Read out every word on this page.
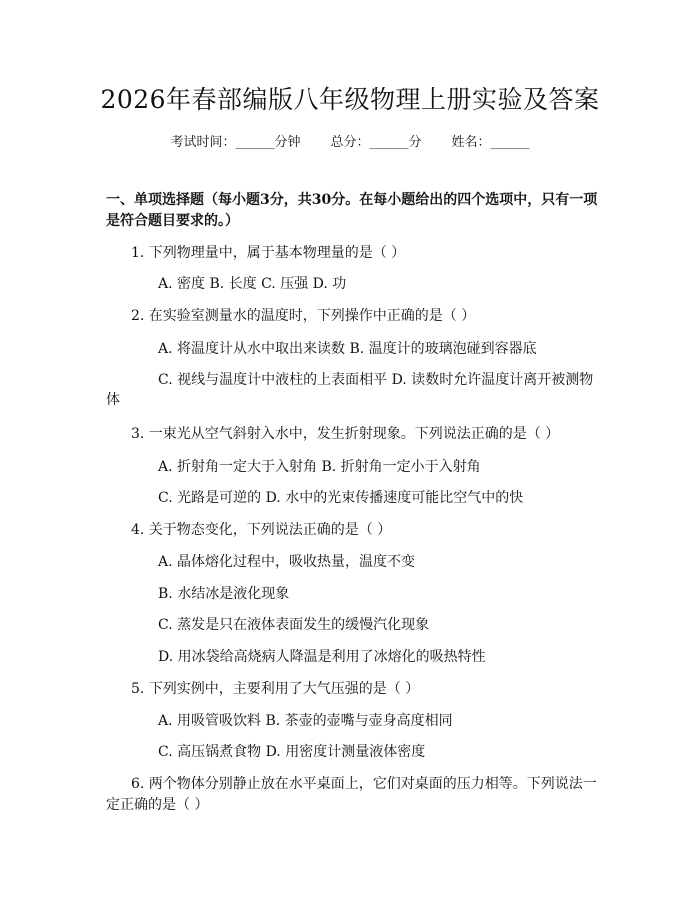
2026年春部编版八年级物理上册实验及答案
考试时间：______分钟 总分：______分 姓名：______
一、单项选择题（每小题3分，共30分。在每小题给出的四个选项中，只有一项是符合题目要求的。）
1. 下列物理量中，属于基本物理量的是（ ）
A. 密度 B. 长度 C. 压强 D. 功
2. 在实验室测量水的温度时，下列操作中正确的是（ ）
A. 将温度计从水中取出来读数 B. 温度计的玻璃泡碰到容器底
C. 视线与温度计中液柱的上表面相平 D. 读数时允许温度计离开被测物
体
3. 一束光从空气斜射入水中，发生折射现象。下列说法正确的是（ ）
A. 折射角一定大于入射角 B. 折射角一定小于入射角
C. 光路是可逆的 D. 水中的光束传播速度可能比空气中的快
4. 关于物态变化，下列说法正确的是（ ）
A. 晶体熔化过程中，吸收热量，温度不变
B. 水结冰是液化现象
C. 蒸发是只在液体表面发生的缓慢汽化现象
D. 用冰袋给高烧病人降温是利用了冰熔化的吸热特性
5. 下列实例中，主要利用了大气压强的是（ ）
A. 用吸管吸饮料 B. 茶壶的壶嘴与壶身高度相同
C. 高压锅煮食物 D. 用密度计测量液体密度
6. 两个物体分别静止放在水平桌面上，它们对桌面的压力相等。下列说法一
定正确的是（ ）
